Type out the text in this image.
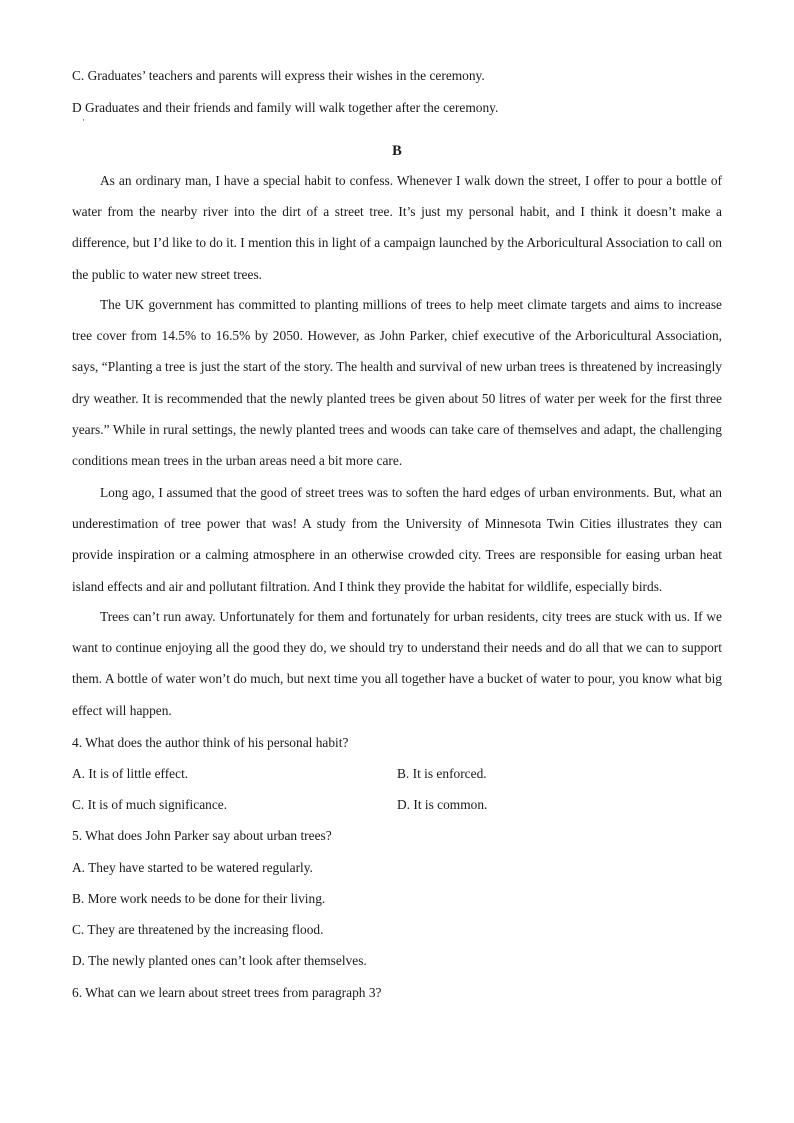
C. Graduates’ teachers and parents will express their wishes in the ceremony.
D Graduates and their friends and family will walk together after the ceremony.
B
As an ordinary man, I have a special habit to confess. Whenever I walk down the street, I offer to pour a bottle of water from the nearby river into the dirt of a street tree. It’s just my personal habit, and I think it doesn’t make a difference, but I’d like to do it. I mention this in light of a campaign launched by the Arboricultural Association to call on the public to water new street trees.
The UK government has committed to planting millions of trees to help meet climate targets and aims to increase tree cover from 14.5% to 16.5% by 2050. However, as John Parker, chief executive of the Arboricultural Association, says, “Planting a tree is just the start of the story. The health and survival of new urban trees is threatened by increasingly dry weather. It is recommended that the newly planted trees be given about 50 litres of water per week for the first three years.” While in rural settings, the newly planted trees and woods can take care of themselves and adapt, the challenging conditions mean trees in the urban areas need a bit more care.
Long ago, I assumed that the good of street trees was to soften the hard edges of urban environments. But, what an underestimation of tree power that was! A study from the University of Minnesota Twin Cities illustrates they can provide inspiration or a calming atmosphere in an otherwise crowded city. Trees are responsible for easing urban heat island effects and air and pollutant filtration. And I think they provide the habitat for wildlife, especially birds.
Trees can’t run away. Unfortunately for them and fortunately for urban residents, city trees are stuck with us. If we want to continue enjoying all the good they do, we should try to understand their needs and do all that we can to support them. A bottle of water won’t do much, but next time you all together have a bucket of water to pour, you know what big effect will happen.
4. What does the author think of his personal habit?
A. It is of little effect.	B. It is enforced.
C. It is of much significance.	D. It is common.
5. What does John Parker say about urban trees?
A. They have started to be watered regularly.
B. More work needs to be done for their living.
C. They are threatened by the increasing flood.
D. The newly planted ones can’t look after themselves.
6. What can we learn about street trees from paragraph 3?
·
